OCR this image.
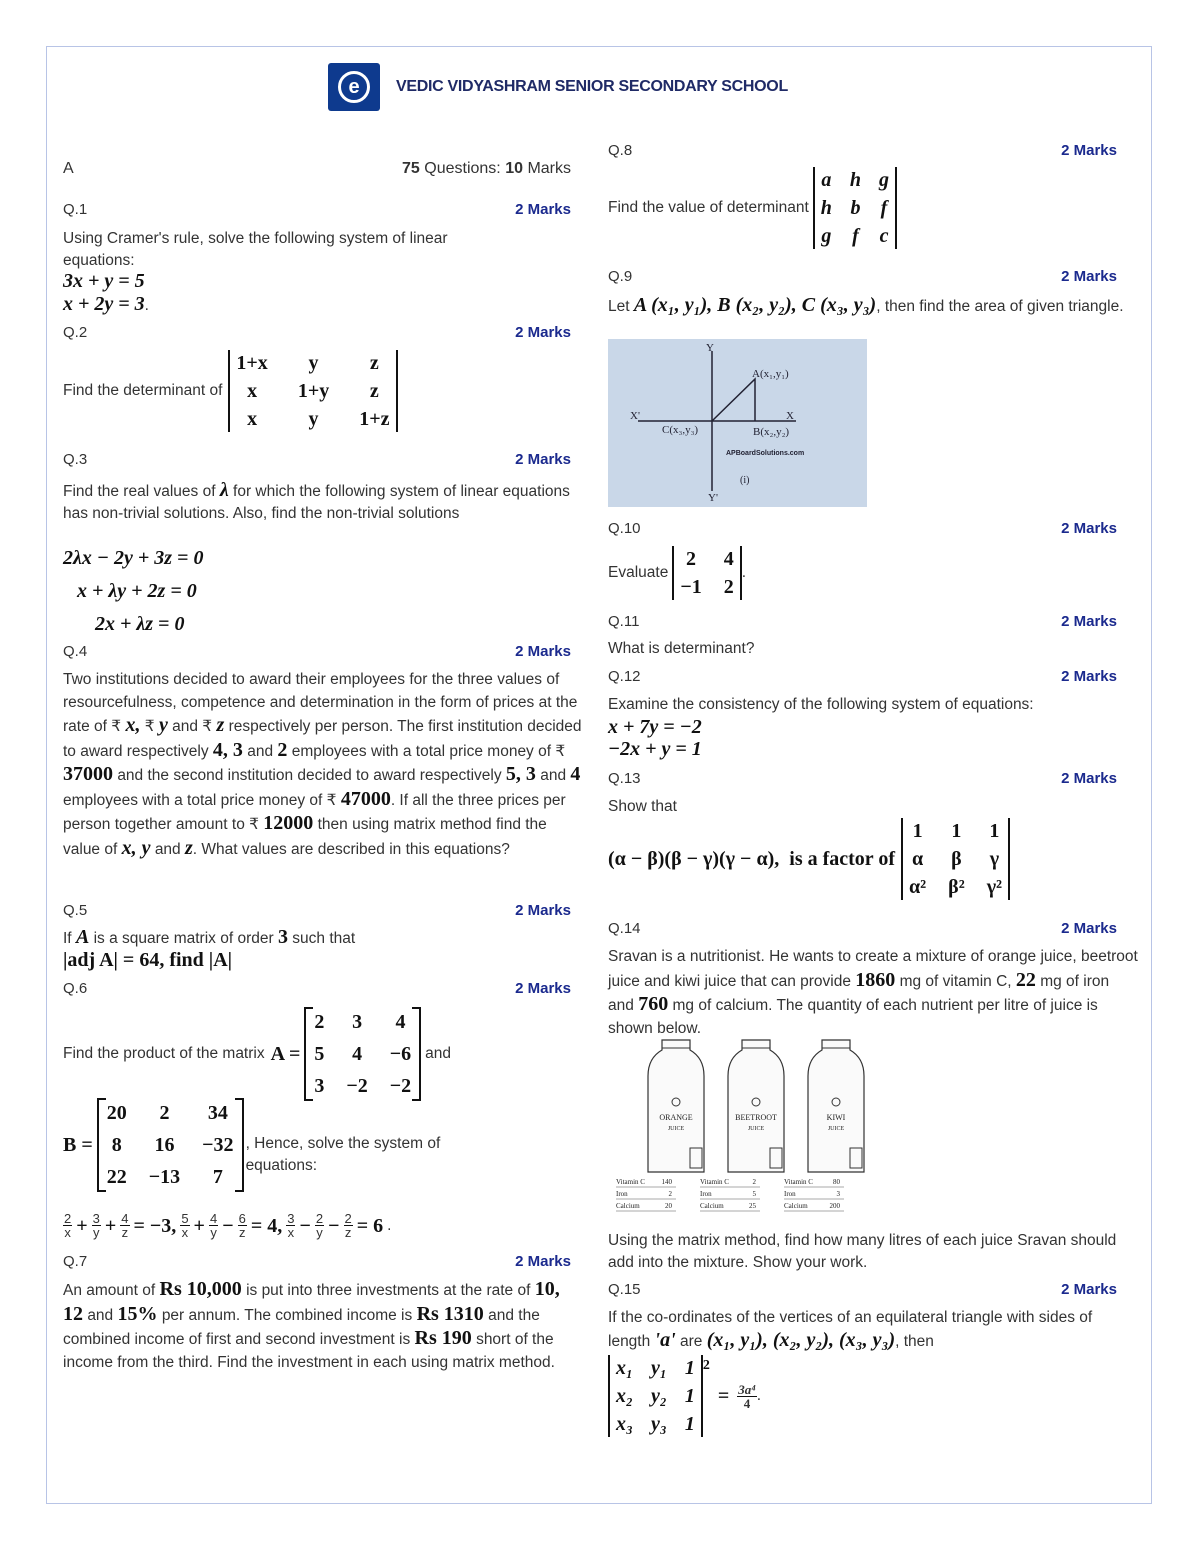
e VEDIC VIDYASHRAM SENIOR SECONDARY SCHOOL
A	75 Questions: 10 Marks
Q.1	2 Marks
Using Cramer's rule, solve the following system of linear equations:
3x + y = 5
x + 2y = 3.
Q.2	2 Marks
Find the determinant of
1+x	y	z
x	1+y	z
x	y	1+z
Q.3	2 Marks
Find the real values of λ for which the following system of linear equations has non-trivial solutions. Also, find the non-trivial solutions
2λx − 2y + 3z = 0
x + λy + 2z = 0
2x + λz = 0
Q.4	2 Marks
Two institutions decided to award their employees for the three values of resourcefulness, competence and determination in the form of prices at the rate of ₹ x, ₹ y and ₹ z respectively per person. The first institution decided to award respectively 4, 3 and 2 employees with a total price money of ₹ 37000 and the second institution decided to award respectively 5, 3 and 4 employees with a total price money of ₹ 47000. If all the three prices per person together amount to ₹ 12000 then using matrix method find the value of x, y and z. What values are described in this equations?
Q.5	2 Marks
If A is a square matrix of order 3 such that
|adj A| = 64, find |A|
Q.6	2 Marks
Find the product of the matrix A =
2 3 4
5 4 −6
3 −2 −2
and
B =
20	2	34
8 16 −32
22 −13	7
, Hence, solve the system of equations:
$\frac{2}{x} + \frac{3}{y} + \frac{4}{z} = -3$, $\frac{5}{x} + \frac{4}{y} - \frac{6}{z} = 4$, $\frac{3}{x} - \frac{2}{y} - \frac{2}{z} = 6$ .
Q.7	2 Marks
An amount of Rs 10,000 is put into three investments at the rate of 10, 12 and 15% per annum. The combined income is Rs 1310 and the combined income of first and second investment is Rs 190 short of the income from the third. Find the investment in each using matrix method.
Q.8	2 Marks
Find the value of determinant
a h g
h b f
g f c
Q.9	2 Marks
Let A (x₁, y₁), B (x₂, y₂), C (x₃, y₃), then find the area of given triangle.
Y
Y'
X
X'
A(x₁,y₁)
B(x₂,y₂)
C(x₃,y₃)
APBoardSolutions.com
(i)
Q.10	2 Marks
Evaluate
2 4
−1 2
.
Q.11	2 Marks
What is determinant?
Q.12	2 Marks
Examine the consistency of the following system of equations:
x + 7y = −2
−2x + y = 1
Q.13	2 Marks
Show that
(α − β)(β − γ)(γ − α),  is a factor of
1 1 1
α β γ
α² β² γ²
Q.14	2 Marks
Sravan is a nutritionist. He wants to create a mixture of orange juice, beetroot juice and kiwi juice that can provide 1860 mg of vitamin C, 22 mg of iron and 760 mg of calcium. The quantity of each nutrient per litre of juice is shown below.
ORANGE
JUICE
Vitamin C 140
Iron	2
Calcium	20
BEETROOT
JUICE
Vitamin C	2
Iron	5
Calcium	25
KIWI
JUICE
Vitamin C	80
Iron	3
Calcium	200
Using the matrix method, find how many litres of each juice Sravan should add into the mixture. Show your work.
Q.15	2 Marks
If the co-ordinates of the vertices of an equilateral triangle with sides of length 'a' are (x₁, y₁), (x₂, y₂), (x₃, y₃), then
x₁ y₁ 1
x₂ y₂ 1
x₃ y₃ 1
2
= $\frac{\text{3a⁴}}{4}$ .
